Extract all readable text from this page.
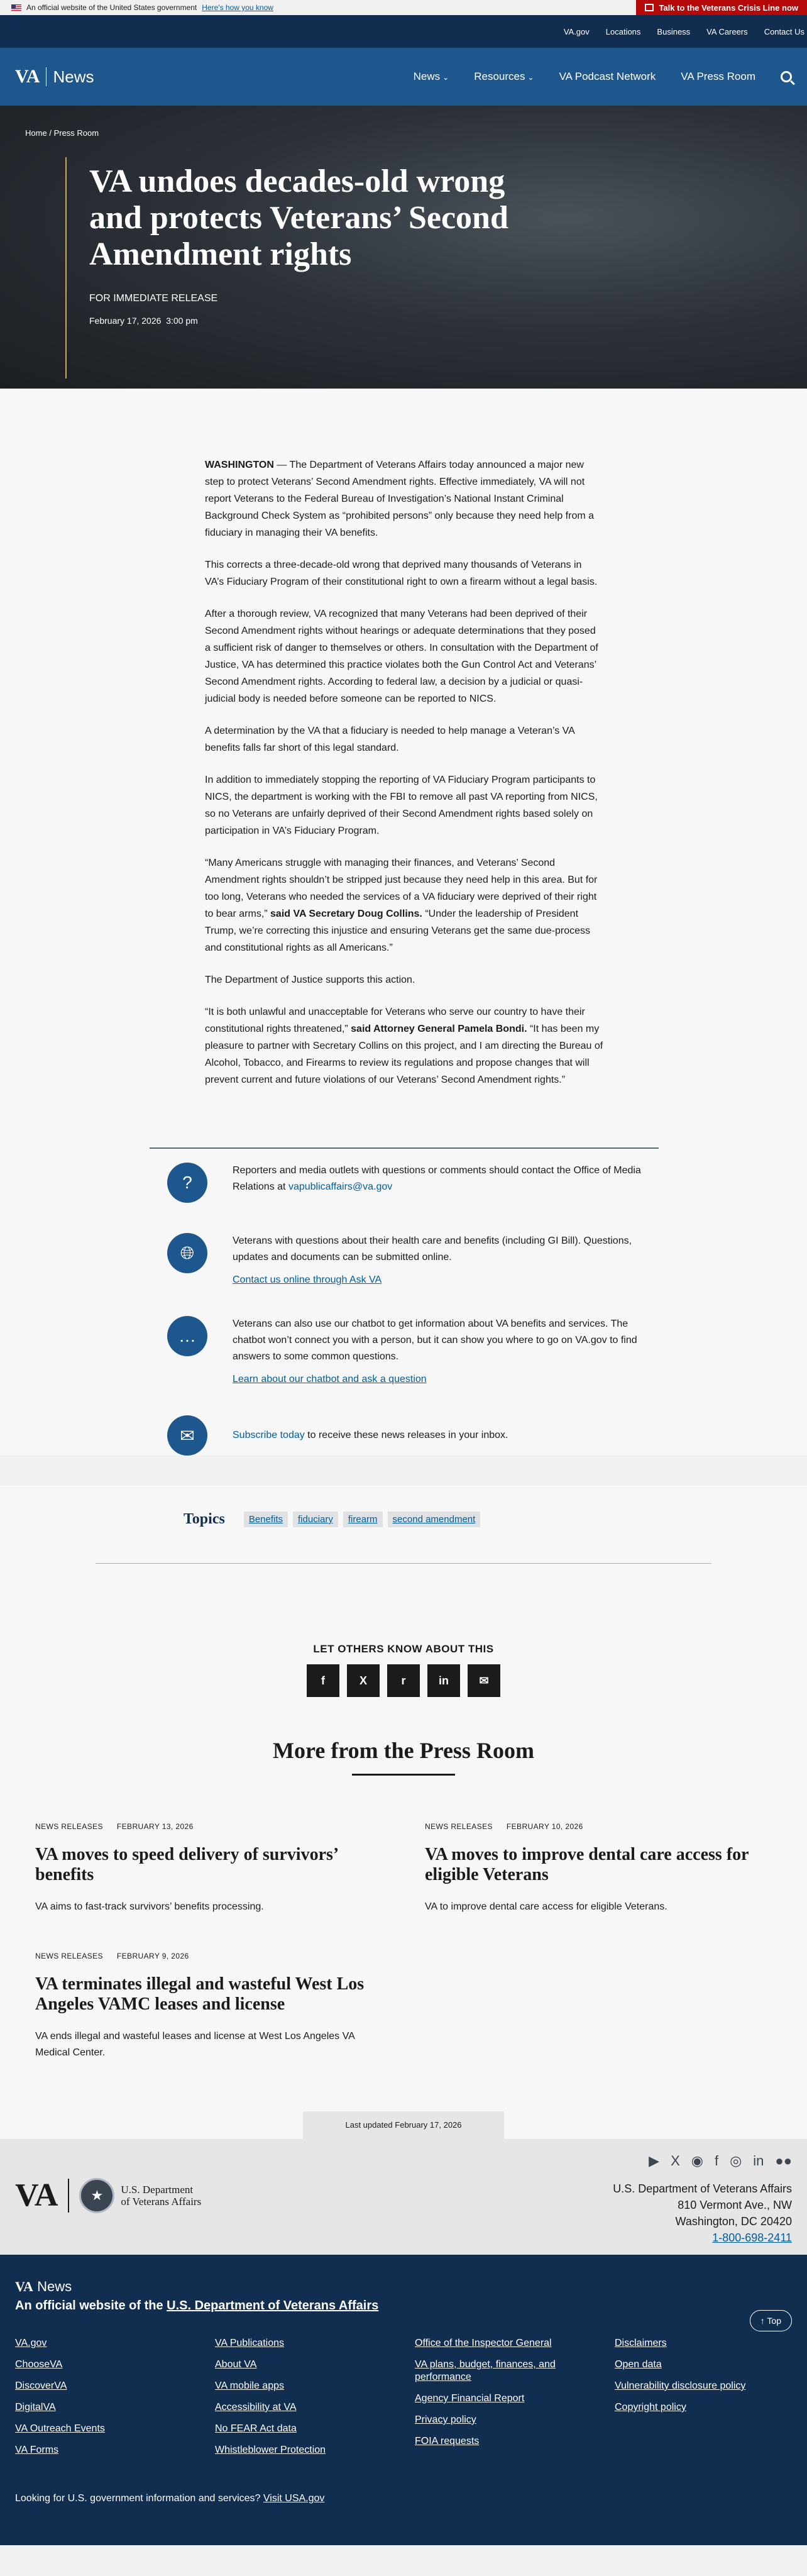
An official website of the United States government Here's how you know	Talk to the Veterans Crisis Line now
VA.gov Locations Business VA Careers Contact Us
VA News	News ⌄ Resources ⌄ VA Podcast Network VA Press Room
Home / Press Room
VA undoes decades-old wrong and protects Veterans’ Second Amendment rights
FOR IMMEDIATE RELEASE
February 17, 2026 3:00 pm

WASHINGTON — The Department of Veterans Affairs today announced a major new step to protect Veterans’ Second Amendment rights. Effective immediately, VA will not report Veterans to the Federal Bureau of Investigation’s National Instant Criminal Background Check System as “prohibited persons” only because they need help from a fiduciary in managing their VA benefits.

This corrects a three-decade-old wrong that deprived many thousands of Veterans in VA’s Fiduciary Program of their constitutional right to own a firearm without a legal basis.

After a thorough review, VA recognized that many Veterans had been deprived of their Second Amendment rights without hearings or adequate determinations that they posed a sufficient risk of danger to themselves or others. In consultation with the Department of Justice, VA has determined this practice violates both the Gun Control Act and Veterans’ Second Amendment rights. According to federal law, a decision by a judicial or quasi-judicial body is needed before someone can be reported to NICS.

A determination by the VA that a fiduciary is needed to help manage a Veteran’s VA benefits falls far short of this legal standard.

In addition to immediately stopping the reporting of VA Fiduciary Program participants to NICS, the department is working with the FBI to remove all past VA reporting from NICS, so no Veterans are unfairly deprived of their Second Amendment rights based solely on participation in VA’s Fiduciary Program.

“Many Americans struggle with managing their finances, and Veterans’ Second Amendment rights shouldn’t be stripped just because they need help in this area. But for too long, Veterans who needed the services of a VA fiduciary were deprived of their right to bear arms,” said VA Secretary Doug Collins. “Under the leadership of President Trump, we’re correcting this injustice and ensuring Veterans get the same due-process and constitutional rights as all Americans.”

The Department of Justice supports this action.

“It is both unlawful and unacceptable for Veterans who serve our country to have their constitutional rights threatened,” said Attorney General Pamela Bondi. “It has been my pleasure to partner with Secretary Collins on this project, and I am directing the Bureau of Alcohol, Tobacco, and Firearms to review its regulations and propose changes that will prevent current and future violations of our Veterans’ Second Amendment rights.”

?

Reporters and media outlets with questions or comments should contact the Office of Media Relations at vapublicaffairs@va.gov

🌐︎

Veterans with questions about their health care and benefits (including GI Bill). Questions, updates and documents can be submitted online.

Contact us online through Ask VA
…

Veterans can also use our chatbot to get information about VA benefits and services. The chatbot won’t connect you with a person, but it can show you where to go on VA.gov to find answers to some common questions.

Learn about our chatbot and ask a question
✉	Subscribe today to receive these news releases in your inbox.

Topics	Benefits	fiduciary	firearm	second amendment
LET OTHERS KNOW ABOUT THIS
f	X	r	in	✉
More from the Press Room
NEWS RELEASES FEBRUARY 13, 2026
VA moves to speed delivery of survivors’ benefits

VA aims to fast-track survivors’ benefits processing.

NEWS RELEASES FEBRUARY 10, 2026
VA moves to improve dental care access for eligible Veterans

VA to improve dental care access for eligible Veterans.

NEWS RELEASES FEBRUARY 9, 2026
VA terminates illegal and wasteful West Los Angeles VAMC leases and license

VA ends illegal and wasteful leases and license at West Los Angeles VA Medical Center.

Last updated February 17, 2026
▶ X ◉ f ◎ in ●●
VA	★	U.S. Department
of Veterans Affairs
U.S. Department of Veterans Affairs
810 Vermont Ave., NW
Washington, DC 20420
1-800-698-2411
VA News
An official website of the U.S. Department of Veterans Affairs
↑ Top
VA.gov
ChooseVA
DiscoverVA
DigitalVA
VA Outreach Events
VA Forms
VA Publications
About VA
VA mobile apps
Accessibility at VA
No FEAR Act data
Whistleblower Protection
Office of the Inspector General
VA plans, budget, finances, and performance
Agency Financial Report
Privacy policy
FOIA requests
Disclaimers
Open data
Vulnerability disclosure policy
Copyright policy
Looking for U.S. government information and services? Visit USA.gov
